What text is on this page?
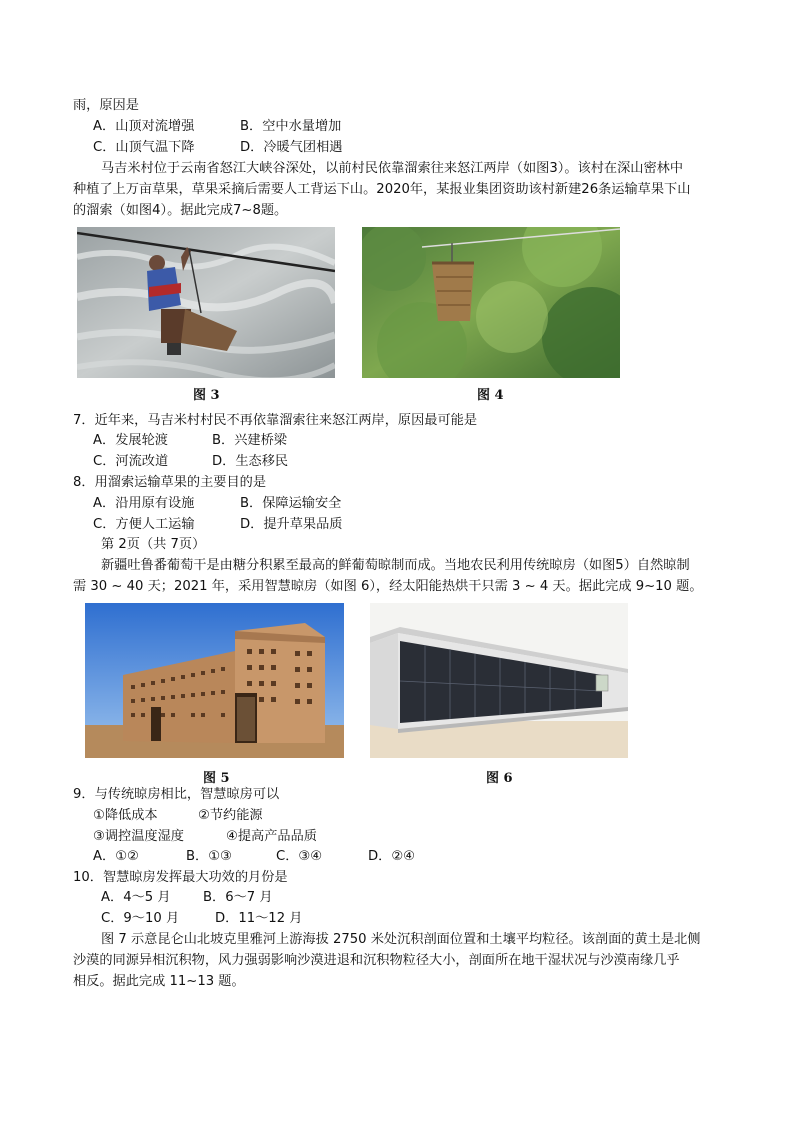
雨，原因是
A．山顶对流增强	B．空中水量增加
C．山顶气温下降	D．冷暖气团相遇
马吉米村位于云南省怒江大峡谷深处，以前村民依靠溜索往来怒江两岸（如图3）。该村在深山密林中
种植了上万亩草果，草果采摘后需要人工背运下山。2020年，某报业集团资助该村新建26条运输草果下山
的溜索（如图4）。据此完成7~8题。
图 3	图 4
7．近年来，马吉米村村民不再依靠溜索往来怒江两岸，原因最可能是
A．发展轮渡	B．兴建桥梁
C．河流改道	D．生态移民
8．用溜索运输草果的主要目的是
A．沿用原有设施	B．保障运输安全
C．方便人工运输	D．提升草果品质
第 2页（共 7页）
新疆吐鲁番葡萄干是由糖分积累至最高的鲜葡萄晾制而成。当地农民利用传统晾房（如图5）自然晾制
需 30 ~ 40 天；2021 年，采用智慧晾房（如图 6），经太阳能热烘干只需 3 ~ 4 天。据此完成 9~10 题。
图 5	图 6
9．与传统晾房相比，智慧晾房可以
①降低成本	②节约能源
③调控温度湿度	④提高产品品质
A．①②	B．①③	C．③④	D．②④
10．智慧晾房发挥最大功效的月份是
A．4～5 月 B．6～7 月
C．9～10 月	D．11～12 月
图 7 示意昆仑山北坡克里雅河上游海拔 2750 米处沉积剖面位置和土壤平均粒径。该剖面的黄土是北侧
沙漠的同源异相沉积物，风力强弱影响沙漠进退和沉积物粒径大小，剖面所在地干湿状况与沙漠南缘几乎
相反。据此完成 11~13 题。
